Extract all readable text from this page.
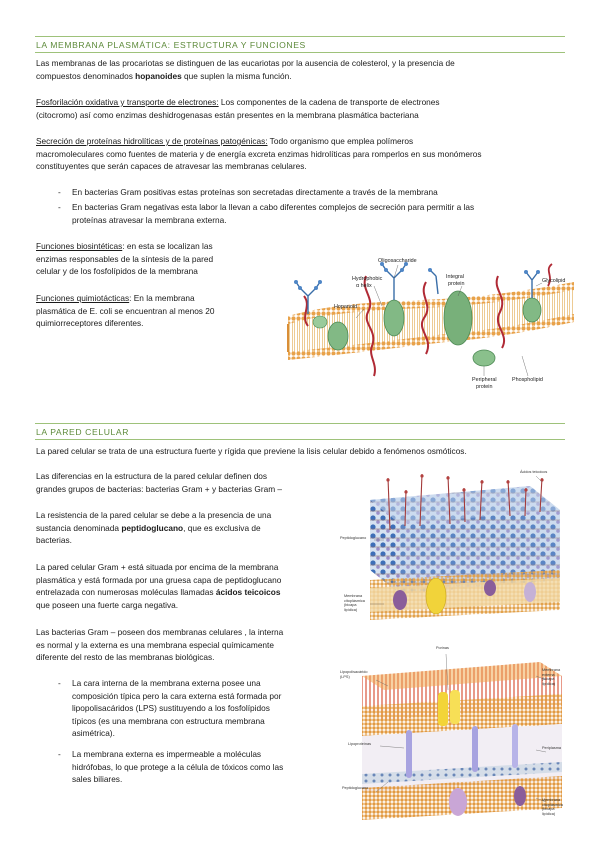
LA MEMBRANA PLASMÁTICA: ESTRUCTURA Y FUNCIONES

Las membranas de las procariotas se distinguen de las eucariotas por la ausencia de colesterol, y la presencia de

compuestos denominados hopanoides que suplen la misma función.

Fosforilación oxidativa y transporte de electrones: Los componentes de la cadena de transporte de electrones

(citocromo) así como enzimas deshidrogenasas están presentes en la membrana plasmática bacteriana

Secreción de proteínas hidrolíticas y de proteínas patogénicas: Todo organismo que emplea polímeros

macromoleculares como fuentes de materia y de energía excreta enzimas hidrolíticas para romperlos en sus monómeros

constituyentes que serán capaces de atravesar las membranas celulares.

- En bacterias Gram positivas estas proteínas son secretadas directamente a través de la membrana
- En bacterias Gram negativas esta labor la llevan a cabo diferentes complejos de secreción para permitir a las
proteínas atravesar la membrana externa.

Funciones biosintéticas: en esta se localizan las

enzimas responsables de la síntesis de la pared

celular y de los fosfolípidos de la membrana

Funciones quimiotácticas: En la membrana

plasmática de E. coli se encuentran al menos 20

quimiorreceptores diferentes.

Oligosaccharide
Hydrophobic
α helix
Hopanoid
Integral
protein	Glycolipid
Peripheral
protein
Phospholipid
LA PARED CELULAR

La pared celular se trata de una estructura fuerte y rígida que previene la lisis celular debido a fenómenos osmóticos.

Las diferencias en la estructura de la pared celular definen dos

grandes grupos de bacterias: bacterias Gram + y bacterias Gram –

La resistencia de la pared celular se debe a la presencia de una

sustancia denominada peptidoglucano, que es exclusiva de

bacterias.

La pared celular Gram + está situada por encima de la membrana

plasmática y está formada por una gruesa capa de peptidoglucano

entrelazada con numerosas moléculas llamadas ácidos teicoicos

que poseen una fuerte carga negativa.

Las bacterias Gram – poseen dos membranas celulares , la interna

es normal y la externa es una membrana especial químicamente

diferente del resto de las membranas biológicas.

- La cara interna de la membrana externa posee una
composición típica pero la cara externa está formada por
lipopolisacáridos (LPS) sustituyendo a los fosfolípidos
típicos (es una membrana con estructura membrana
asimétrica).
- La membrana externa es impermeable a moléculas
hidrófobas, lo que protege a la célula de tóxicos como las
sales biliares.
Ácidos teicoicos
Peptidoglucano
Membrana
citoplásmica
(bicapa
lipídica)
Porinas
Lipopolisacárido
(LPS)
Lipoproteínas
Peptidoglucano
Membrana
externa
(bicapa
lipídica)
Periplasma
Membrana
citoplásmica
(bicapa
lipídica)
